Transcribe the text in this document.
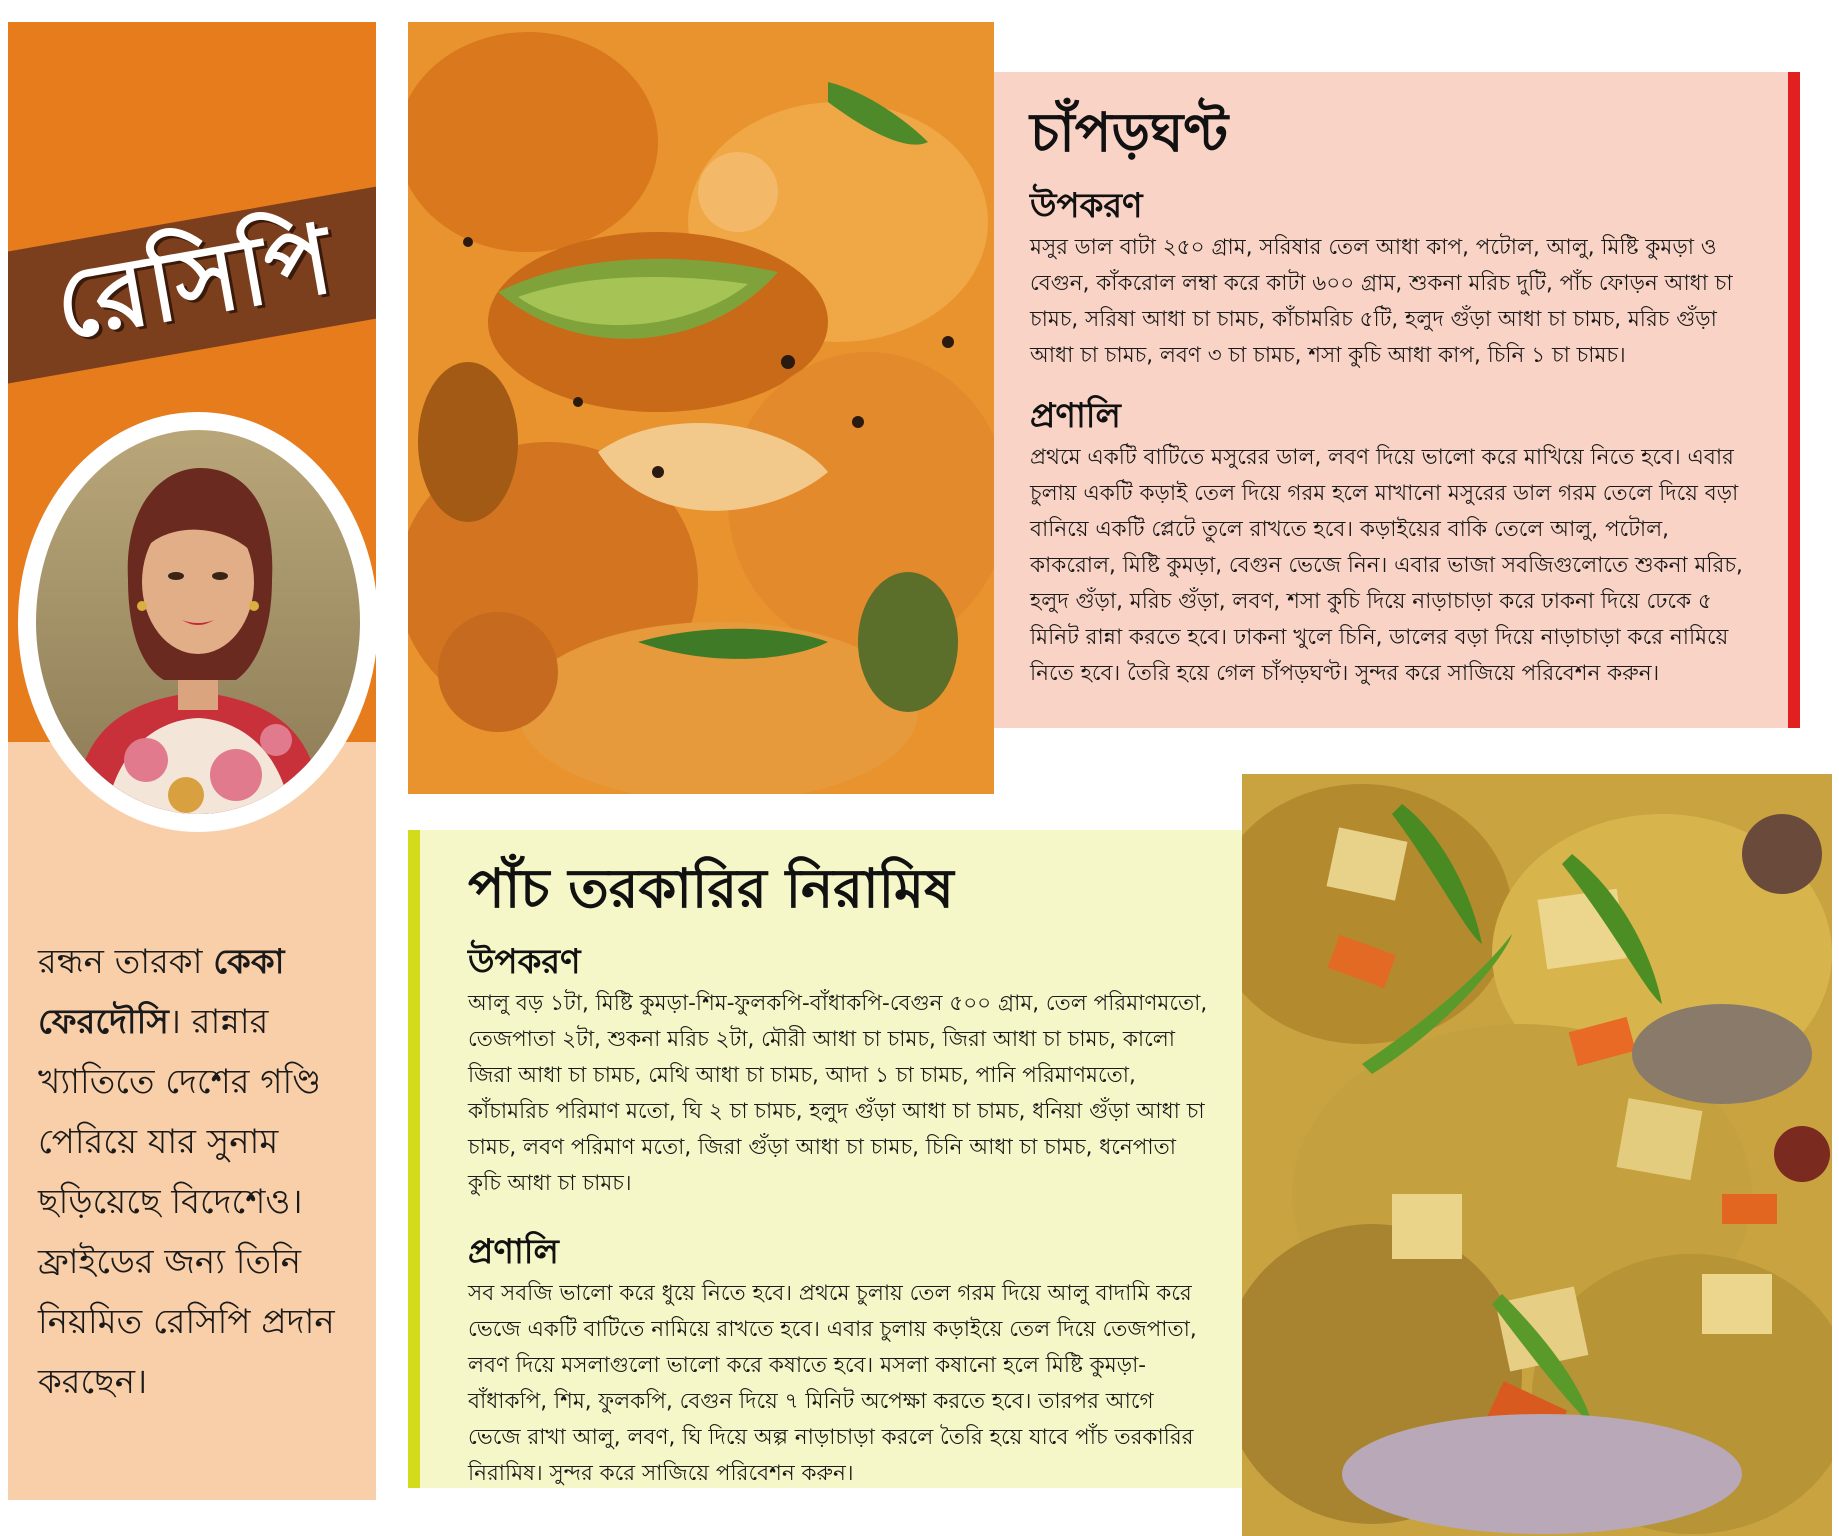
রেসিপি

রন্ধন তারকা কেকা ফেরদৌসি। রান্নার খ্যাতিতে দেশের গণ্ডি পেরিয়ে যার সুনাম ছড়িয়েছে বিদেশেও। ফ্রাইডের জন্য তিনি নিয়মিত রেসিপি প্রদান করছেন।

চাঁপড়ঘণ্ট
উপকরণ

মসুর ডাল বাটা ২৫০ গ্রাম, সরিষার তেল আধা কাপ, পটোল, আলু, মিষ্টি কুমড়া ও বেগুন, কাঁকরোল লম্বা করে কাটা ৬০০ গ্রাম, শুকনা মরিচ দুটি, পাঁচ ফোড়ন আধা চা চামচ, সরিষা আধা চা চামচ, কাঁচামরিচ ৫টি, হলুদ গুঁড়া আধা চা চামচ, মরিচ গুঁড়া আধা চা চামচ, লবণ ৩ চা চামচ, শসা কুচি আধা কাপ, চিনি ১ চা চামচ।

প্রণালি

প্রথমে একটি বাটিতে মসুরের ডাল, লবণ দিয়ে ভালো করে মাখিয়ে নিতে হবে। এবার চুলায় একটি কড়াই তেল দিয়ে গরম হলে মাখানো মসুরের ডাল গরম তেলে দিয়ে বড়া বানিয়ে একটি প্লেটে তুলে রাখতে হবে। কড়াইয়ের বাকি তেলে আলু, পটোল, কাকরোল, মিষ্টি কুমড়া, বেগুন ভেজে নিন। এবার ভাজা সবজিগুলোতে শুকনা মরিচ, হলুদ গুঁড়া, মরিচ গুঁড়া, লবণ, শসা কুচি দিয়ে নাড়াচাড়া করে ঢাকনা দিয়ে ঢেকে ৫ মিনিট রান্না করতে হবে। ঢাকনা খুলে চিনি, ডালের বড়া দিয়ে নাড়াচাড়া করে নামিয়ে নিতে হবে। তৈরি হয়ে গেল চাঁপড়ঘণ্ট। সুন্দর করে সাজিয়ে পরিবেশন করুন।

পাঁচ তরকারির নিরামিষ
উপকরণ

আলু বড় ১টা, মিষ্টি কুমড়া-শিম-ফুলকপি-বাঁধাকপি-বেগুন ৫০০ গ্রাম, তেল পরিমাণমতো, তেজপাতা ২টা, শুকনা মরিচ ২টা, মৌরী আধা চা চামচ, জিরা আধা চা চামচ, কালো জিরা আধা চা চামচ, মেথি আধা চা চামচ, আদা ১ চা চামচ, পানি পরিমাণমতো, কাঁচামরিচ পরিমাণ মতো, ঘি ২ চা চামচ, হলুদ গুঁড়া আধা চা চামচ, ধনিয়া গুঁড়া আধা চা চামচ, লবণ পরিমাণ মতো, জিরা গুঁড়া আধা চা চামচ, চিনি আধা চা চামচ, ধনেপাতা কুচি আধা চা চামচ।

প্রণালি

সব সবজি ভালো করে ধুয়ে নিতে হবে। প্রথমে চুলায় তেল গরম দিয়ে আলু বাদামি করে ভেজে একটি বাটিতে নামিয়ে রাখতে হবে। এবার চুলায় কড়াইয়ে তেল দিয়ে তেজপাতা, লবণ দিয়ে মসলাগুলো ভালো করে কষাতে হবে। মসলা কষানো হলে মিষ্টি কুমড়া-বাঁধাকপি, শিম, ফুলকপি, বেগুন দিয়ে ৭ মিনিট অপেক্ষা করতে হবে। তারপর আগে ভেজে রাখা আলু, লবণ, ঘি দিয়ে অল্প নাড়াচাড়া করলে তৈরি হয়ে যাবে পাঁচ তরকারির নিরামিষ। সুন্দর করে সাজিয়ে পরিবেশন করুন।
